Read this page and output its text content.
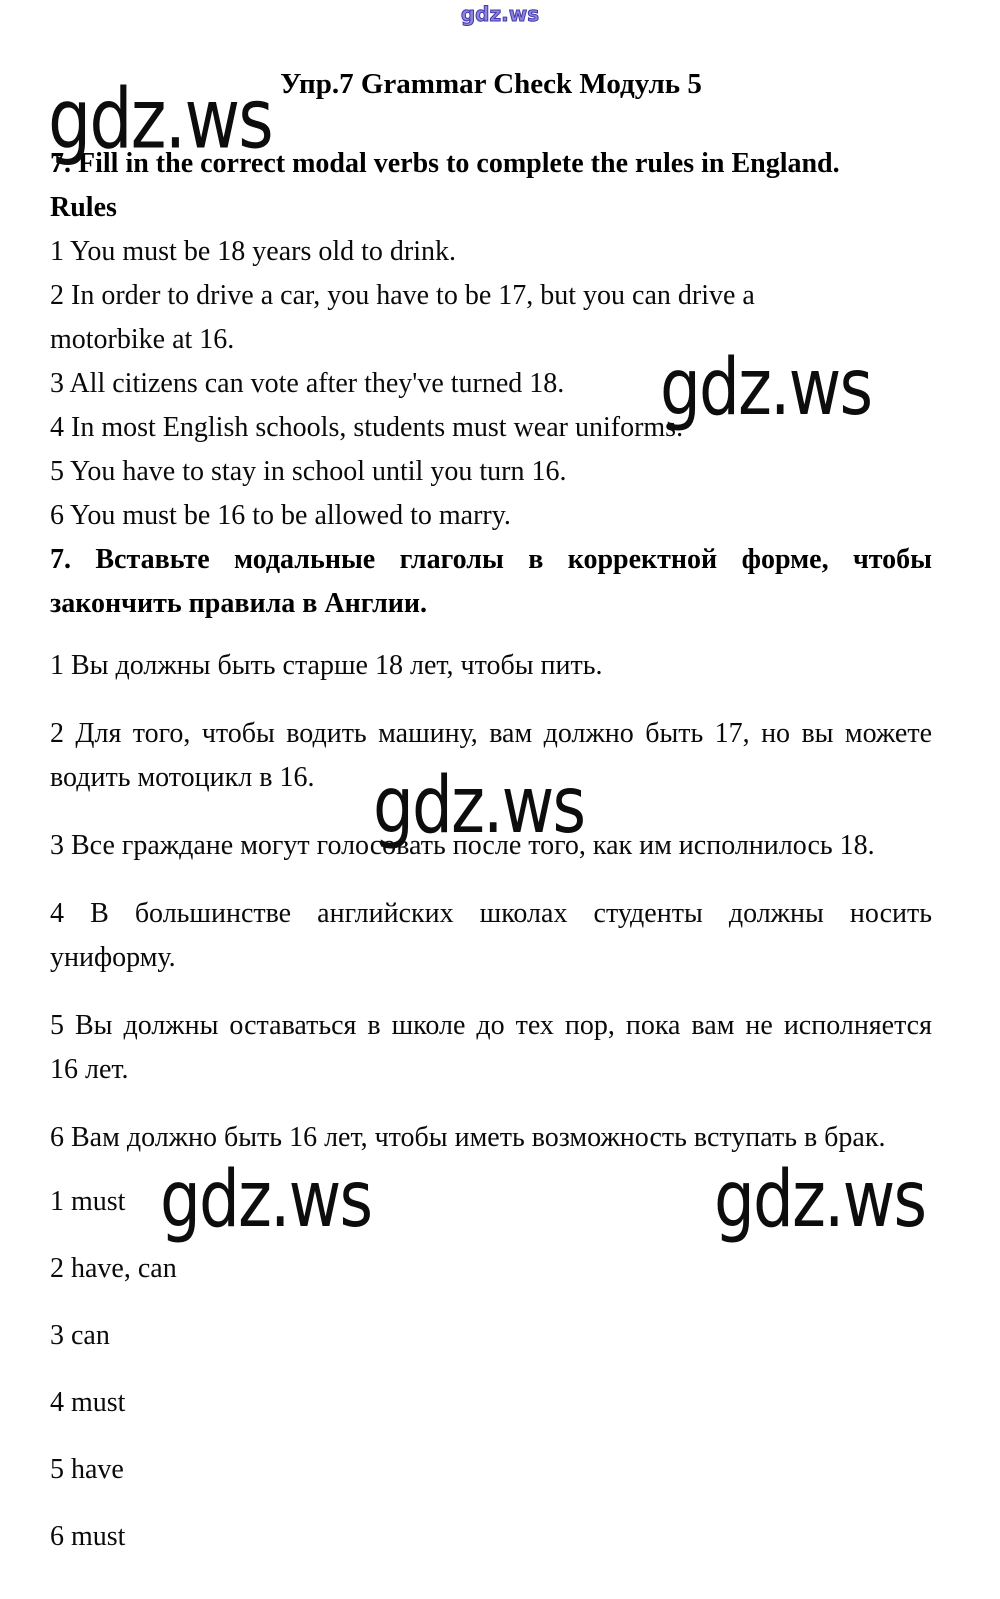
gdz.ws
gdz.ws
gdz.ws
gdz.ws
gdz.ws	gdz.ws
Упр.7 Grammar Check Модуль 5

7. Fill in the correct modal verbs to complete the rules in England.

Rules

1 You must be 18 years old to drink.

2 In order to drive a car, you have to be 17, but you can drive a
motorbike at 16.

3 All citizens can vote after they've turned 18.

4 In most English schools, students must wear uniforms.

5 You have to stay in school until you turn 16.

6 You must be 16 to be allowed to marry.

7. Вставьте модальные глаголы в корректной форме, чтобы
закончить правила в Англии.

1 Вы должны быть старше 18 лет, чтобы пить.

2 Для того, чтобы водить машину, вам должно быть 17, но вы можете
водить мотоцикл в 16.

3 Все граждане могут голосовать после того, как им исполнилось 18.

4 В большинстве английских школах студенты должны носить
униформу.

5 Вы должны оставаться в школе до тех пор, пока вам не исполняется
16 лет.

6 Вам должно быть 16 лет, чтобы иметь возможность вступать в брак.

1 must

2 have, can

3 can

4 must

5 have

6 must
